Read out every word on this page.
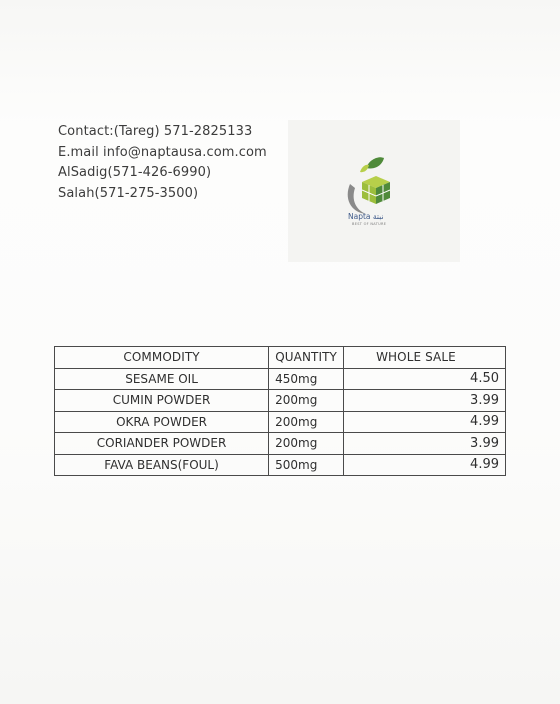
Contact:(Tareg) 571-2825133
E.mail info@naptausa.com.com
AlSadig(571-426-6990)
Salah(571-275-3500)
Napta نبتة
BEST OF NATURE
COMMODITY	QUANTITY	WHOLE SALE
SESAME OIL	450mg	4.50
CUMIN POWDER	200mg	3.99
OKRA POWDER	200mg	4.99
CORIANDER POWDER	200mg	3.99
FAVA BEANS(FOUL)	500mg	4.99
